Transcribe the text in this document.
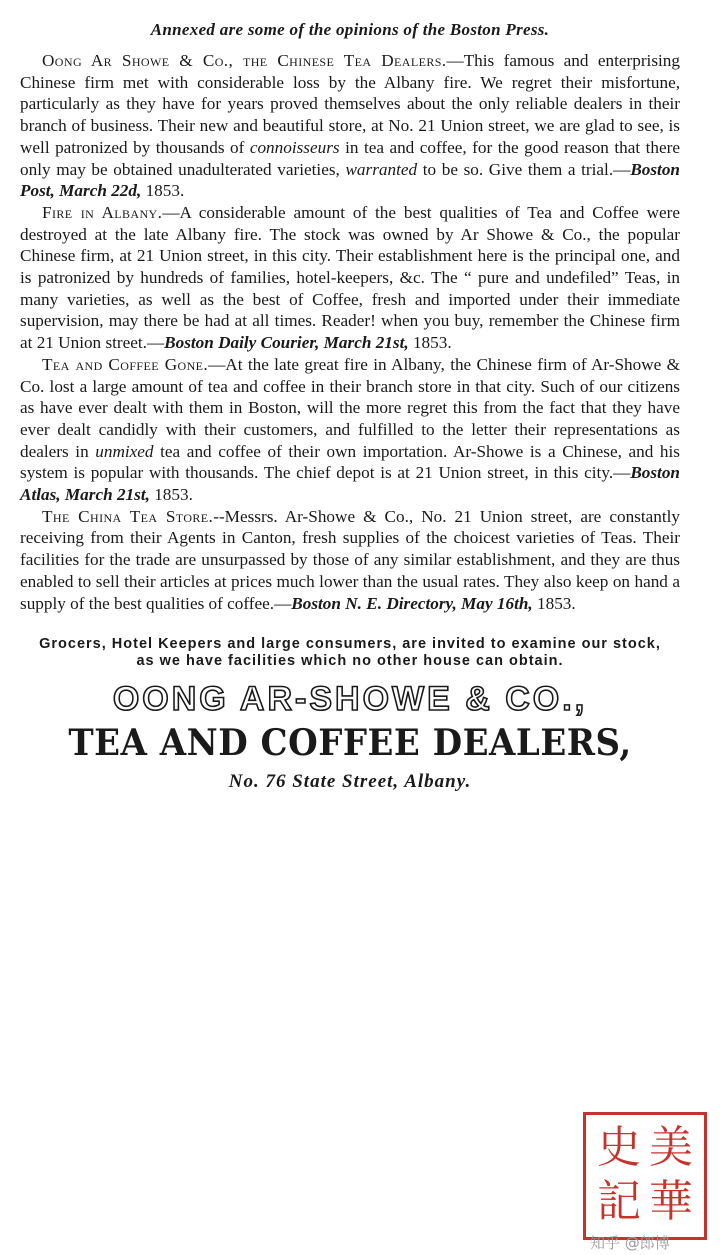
Annexed are some of the opinions of the Boston Press.

Oong Ar Showe & Co., the Chinese Tea Dealers.—This famous and enterprising Chinese firm met with considerable loss by the Albany fire. We regret their misfortune, particularly as they have for years proved themselves about the only reliable dealers in their branch of business. Their new and beautiful store, at No. 21 Union street, we are glad to see, is well patronized by thousands of connoisseurs in tea and coffee, for the good reason that there only may be obtained unadulterated varieties, warranted to be so. Give them a trial.—Boston Post, March 22d, 1853.

Fire in Albany.—A considerable amount of the best qualities of Tea and Coffee were destroyed at the late Albany fire. The stock was owned by Ar Showe & Co., the popular Chinese firm, at 21 Union street, in this city. Their establishment here is the principal one, and is patronized by hundreds of families, hotel-keepers, &c. The “ pure and undefiled” Teas, in many varieties, as well as the best of Coffee, fresh and imported under their immediate supervision, may there be had at all times. Reader! when you buy, remember the Chinese firm at 21 Union street.—Boston Daily Courier, March 21st, 1853.

Tea and Coffee Gone.—At the late great fire in Albany, the Chinese firm of Ar-Showe & Co. lost a large amount of tea and coffee in their branch store in that city. Such of our citizens as have ever dealt with them in Boston, will the more regret this from the fact that they have ever dealt candidly with their customers, and fulfilled to the letter their representations as dealers in unmixed tea and coffee of their own importation. Ar-Showe is a Chinese, and his system is popular with thousands. The chief depot is at 21 Union street, in this city.—Boston Atlas, March 21st, 1853.

The China Tea Store.--Messrs. Ar-Showe & Co., No. 21 Union street, are constantly receiving from their Agents in Canton, fresh supplies of the choicest varieties of Teas. Their facilities for the trade are unsurpassed by those of any similar establishment, and they are thus enabled to sell their articles at prices much lower than the usual rates. They also keep on hand a supply of the best qualities of coffee.—Boston N. E. Directory, May 16th, 1853.

Grocers, Hotel Keepers and large consumers, are invited to examine our stock, as we have facilities which no other house can obtain.
OONG AR-SHOWE & CO.,
TEA AND COFFEE DEALERS,
No. 76 State Street, Albany.
美
史
華
記
知乎 @郎博
